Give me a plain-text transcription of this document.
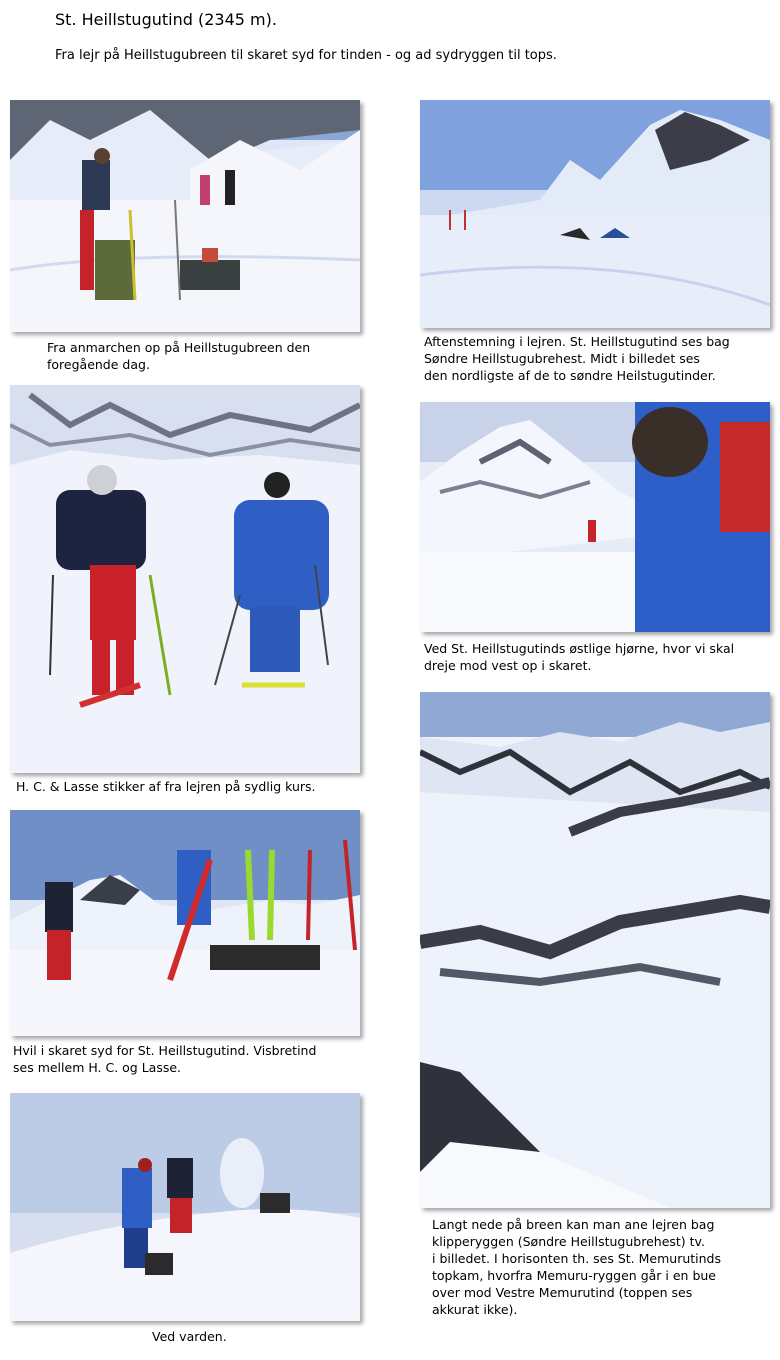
St. Heillstugutind (2345 m).
Fra lejr på Heillstugubreen til skaret syd for tinden - og ad sydryggen til tops.
Fra anmarchen op på Heillstugubreen den
foregående dag.
Aftenstemning i lejren. St. Heillstugutind ses bag
Søndre Heillstugubrehest. Midt i billedet ses
den nordligste af de to søndre Heilstugutinder.
H. C. & Lasse stikker af fra lejren på sydlig kurs.
Ved St. Heillstugutinds østlige hjørne, hvor vi skal
dreje mod vest op i skaret.
Hvil i skaret syd for St. Heillstugutind. Visbretind
ses mellem H. C. og Lasse.
Langt nede på breen kan man ane lejren bag
klipperyggen (Søndre Heillstugubrehest) tv.
i billedet. I horisonten th. ses St. Memurutinds
topkam, hvorfra Memuru-ryggen går i en bue
over mod Vestre Memurutind (toppen ses
akkurat ikke).
Ved varden.
